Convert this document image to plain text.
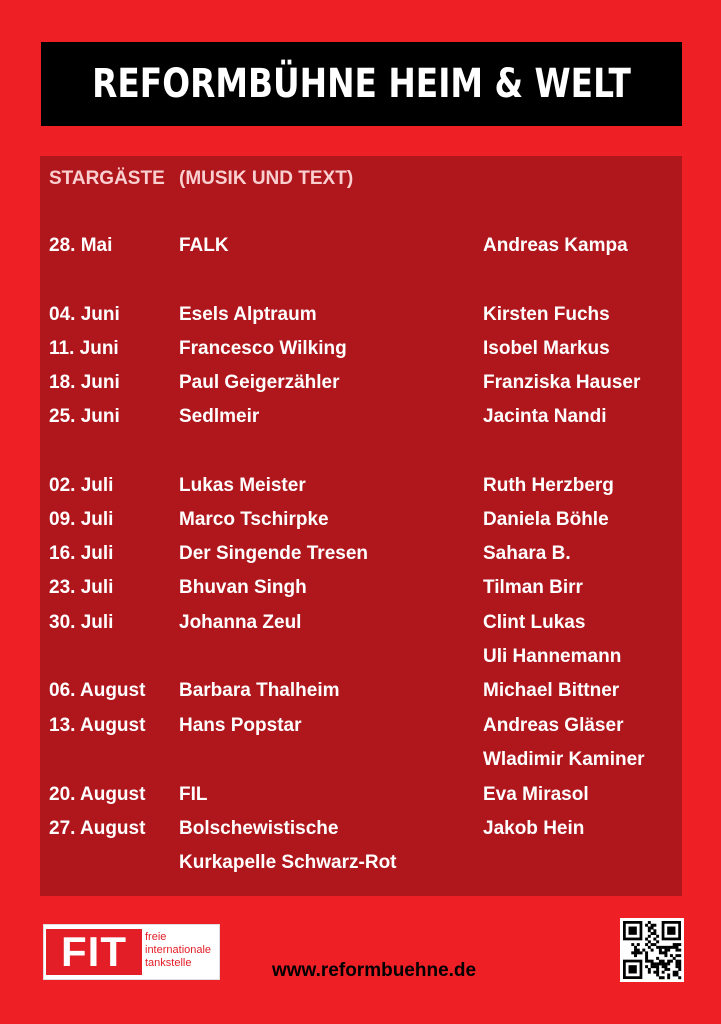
REFORMBÜHNE HEIM & WELT
STARGÄSTE (MUSIK UND TEXT)
28. Mai	FALK	Andreas Kampa
04. Juni	Esels Alptraum	Kirsten Fuchs
11. Juni	Francesco Wilking	Isobel Markus
18. Juni	Paul Geigerzähler	Franziska Hauser
25. Juni	Sedlmeir	Jacinta Nandi
02. Juli	Lukas Meister	Ruth Herzberg
09. Juli	Marco Tschirpke	Daniela Böhle
16. Juli	Der Singende Tresen	Sahara B.
23. Juli	Bhuvan Singh	Tilman Birr
30. Juli	Johanna Zeul	Clint Lukas
Uli Hannemann
06. August Barbara Thalheim	Michael Bittner
13. August Hans Popstar	Andreas Gläser
Wladimir Kaminer
20. August FIL	Eva Mirasol
27. August Bolschewistische	Jakob Hein
Kurkapelle Schwarz-Rot
FIT	freie
internationale
tankstelle	www.reformbuehne.de
